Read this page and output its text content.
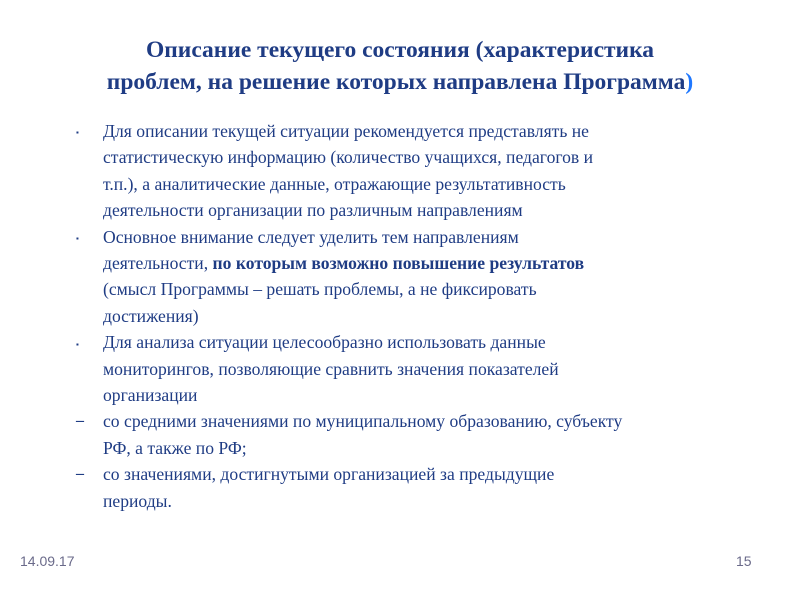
Описание текущего состояния (характеристика
проблем, на решение которых направлена Программа)
▪
▪
▪
–
–
Для описании текущей ситуации рекомендуется представлять не
статистическую информацию (количество учащихся, педагогов и
т.п.), а аналитические данные, отражающие результативность
деятельности организации по различным направлениям
Основное внимание следует уделить тем направлениям
деятельности, по которым возможно повышение результатов
(смысл Программы – решать проблемы, а не фиксировать
достижения)
Для анализа ситуации целесообразно использовать данные
мониторингов, позволяющие сравнить значения показателей
организации
со средними значениями по муниципальному образованию, субъекту
РФ, а также по РФ;
со значениями, достигнутыми организацией за предыдущие
периоды.
14.09.17	15
